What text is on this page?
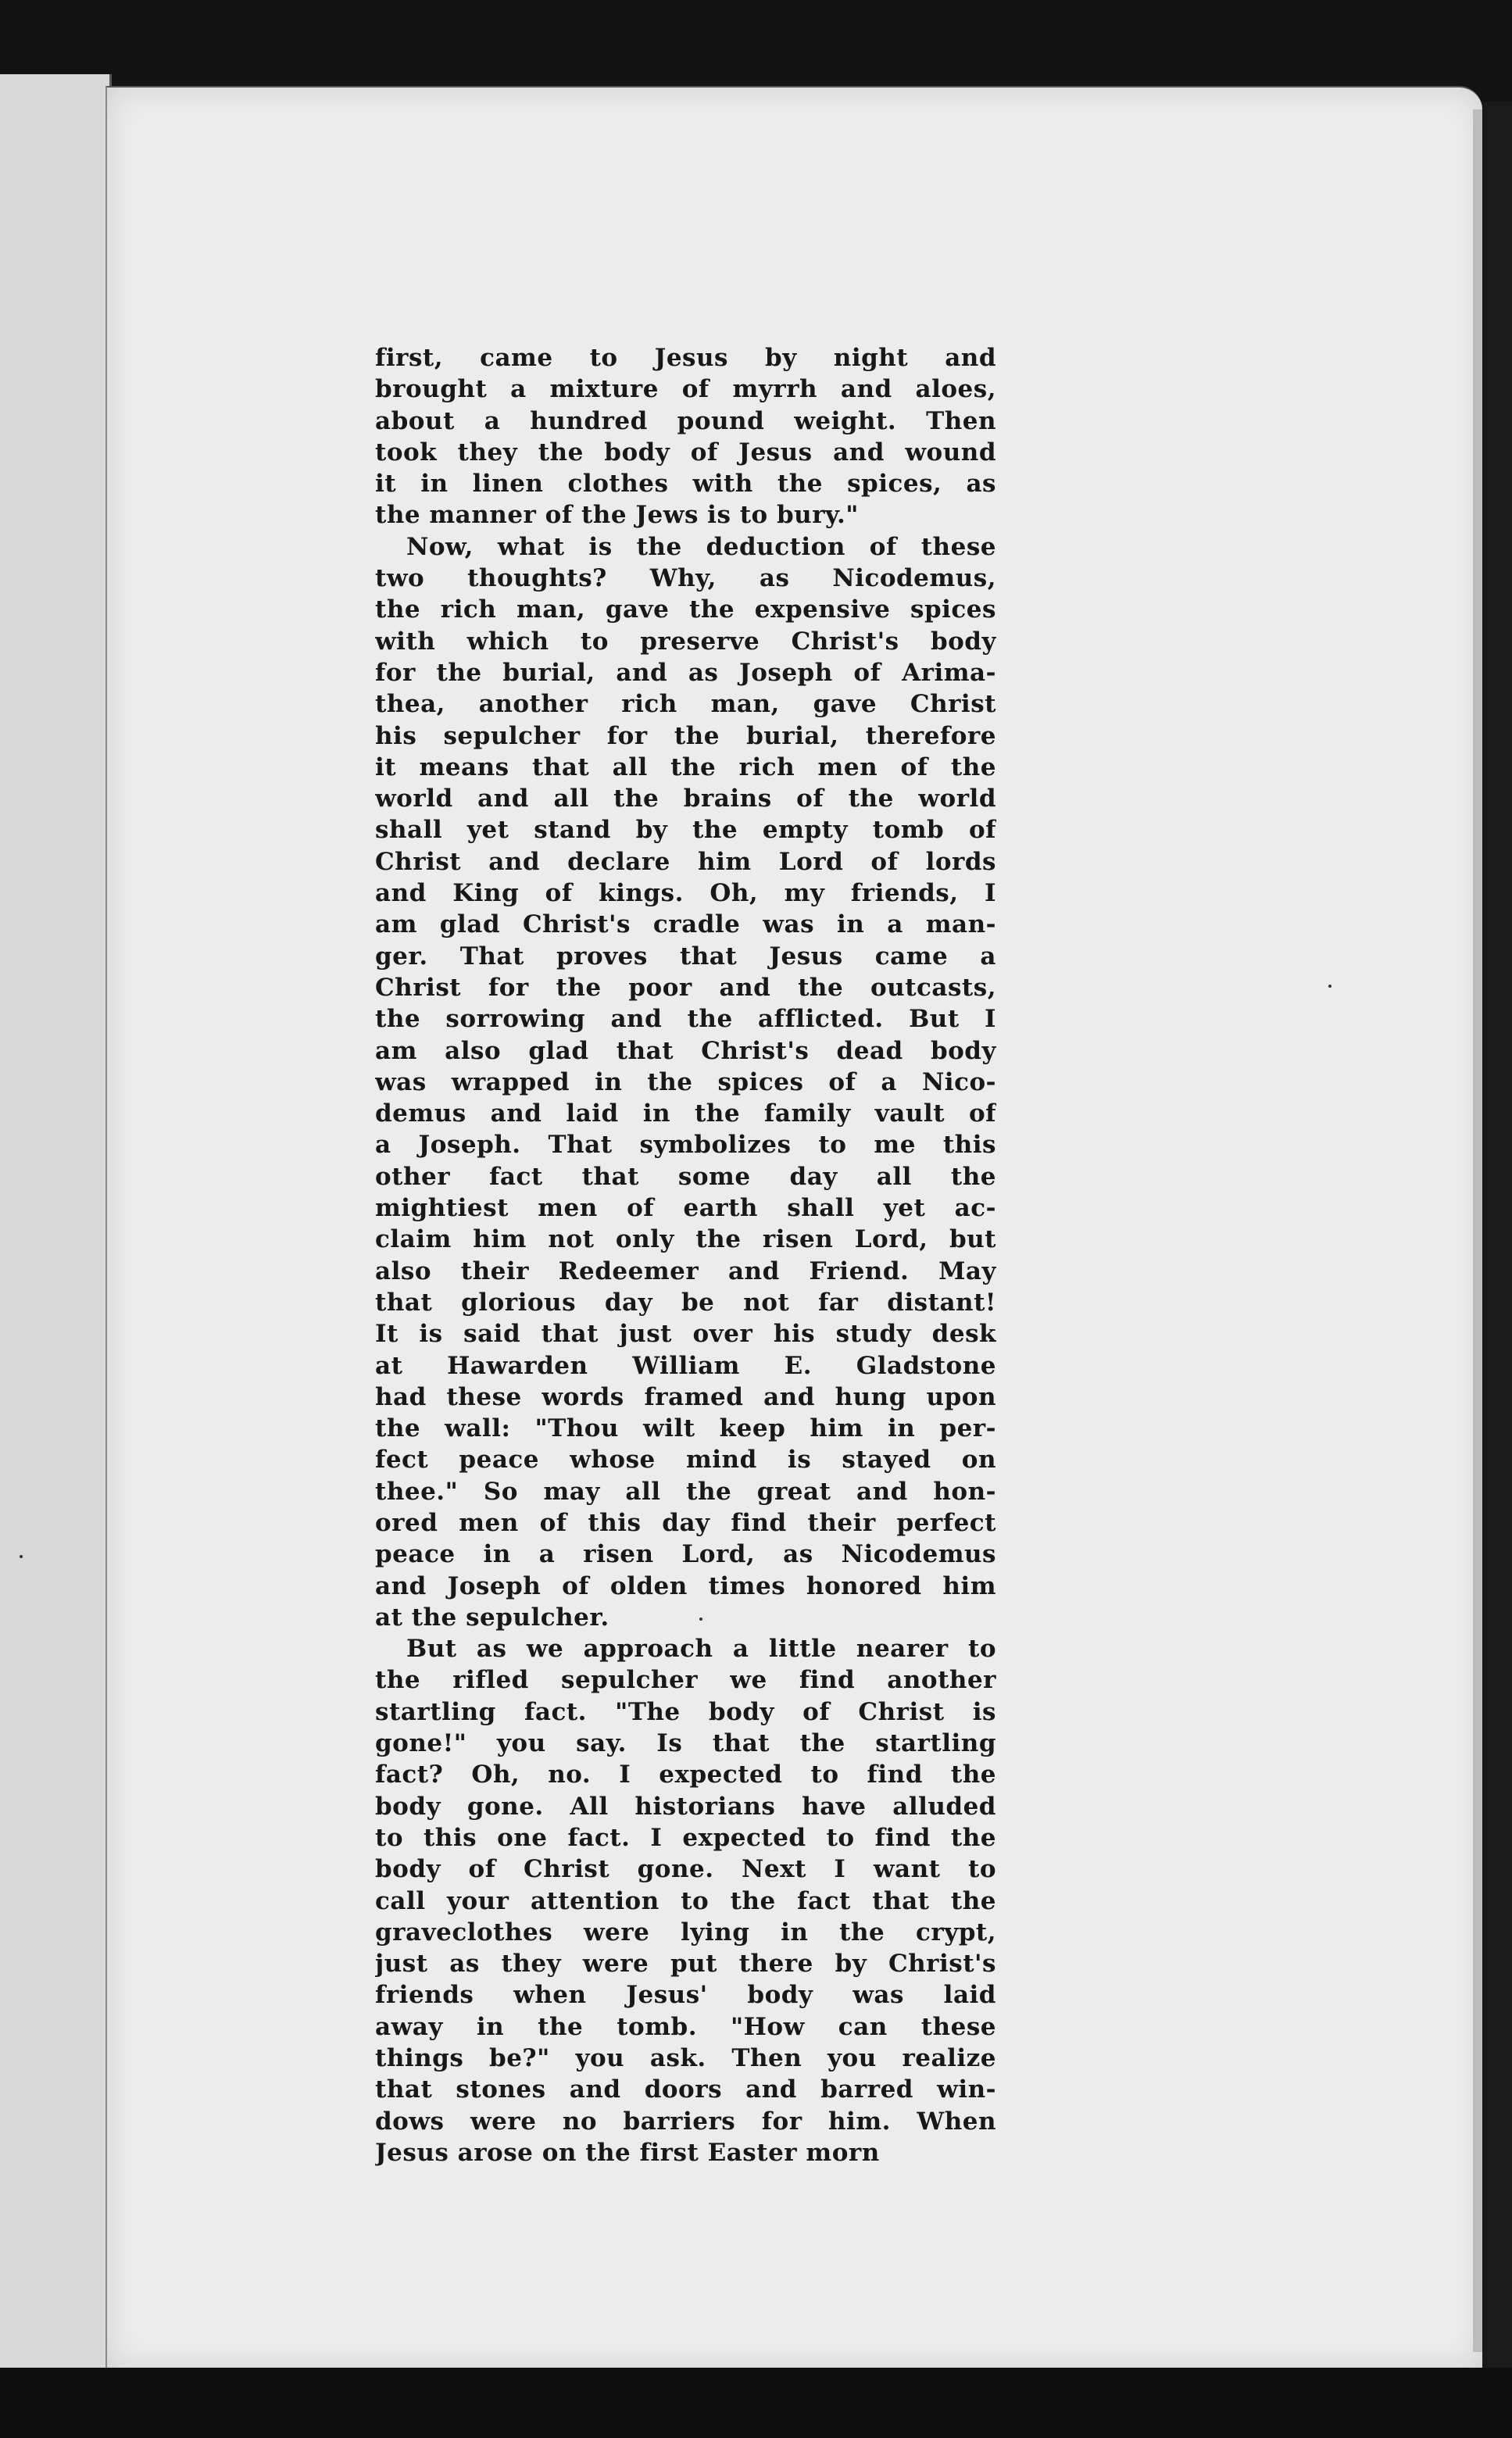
first, came to Jesus by night and
brought a mixture of myrrh and aloes,
about a hundred pound weight. Then
took they the body of Jesus and wound
it in linen clothes with the spices, as
the manner of the Jews is to bury."
Now, what is the deduction of these
two thoughts? Why, as Nicodemus,
the rich man, gave the expensive spices
with which to preserve Christ's body
for the burial, and as Joseph of Arima-
thea, another rich man, gave Christ
his sepulcher for the burial, therefore
it means that all the rich men of the
world and all the brains of the world
shall yet stand by the empty tomb of
Christ and declare him Lord of lords
and King of kings. Oh, my friends, I
am glad Christ's cradle was in a man-
ger. That proves that Jesus came a
Christ for the poor and the outcasts,
the sorrowing and the afflicted. But I
am also glad that Christ's dead body
was wrapped in the spices of a Nico-
demus and laid in the family vault of
a Joseph. That symbolizes to me this
other fact that some day all the
mightiest men of earth shall yet ac-
claim him not only the risen Lord, but
also their Redeemer and Friend. May
that glorious day be not far distant!
It is said that just over his study desk
at Hawarden William E. Gladstone
had these words framed and hung upon
the wall: "Thou wilt keep him in per-
fect peace whose mind is stayed on
thee." So may all the great and hon-
ored men of this day find their perfect
peace in a risen Lord, as Nicodemus
and Joseph of olden times honored him
at the sepulcher.
But as we approach a little nearer to
the rifled sepulcher we find another
startling fact. "The body of Christ is
gone!" you say. Is that the startling
fact? Oh, no. I expected to find the
body gone. All historians have alluded
to this one fact. I expected to find the
body of Christ gone. Next I want to
call your attention to the fact that the
graveclothes were lying in the crypt,
just as they were put there by Christ's
friends when Jesus' body was laid
away in the tomb. "How can these
things be?" you ask. Then you realize
that stones and doors and barred win-
dows were no barriers for him. When
Jesus arose on the first Easter morn
